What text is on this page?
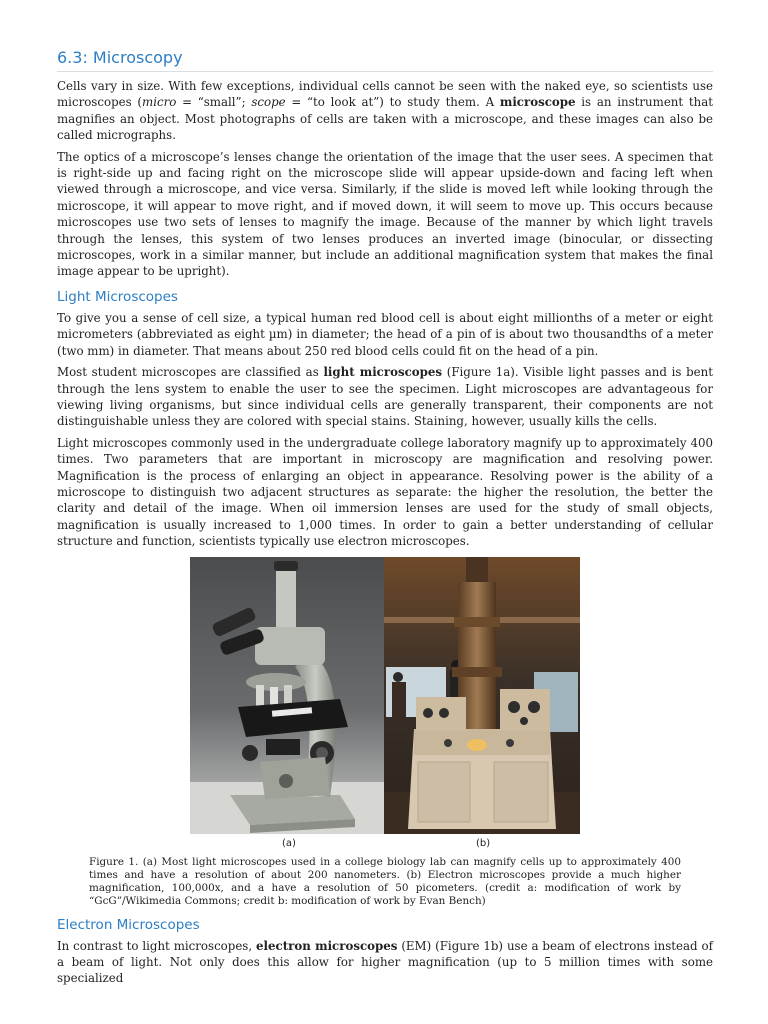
6.3: Microscopy

Cells vary in size. With few exceptions, individual cells cannot be seen with the naked eye, so scientists use microscopes (micro = “small”; scope = “to look at”) to study them. A microscope is an instrument that magnifies an object. Most photographs of cells are taken with a microscope, and these images can also be called micrographs.

The optics of a microscope’s lenses change the orientation of the image that the user sees. A specimen that is right-side up and facing right on the microscope slide will appear upside-down and facing left when viewed through a microscope, and vice versa. Similarly, if the slide is moved left while looking through the microscope, it will appear to move right, and if moved down, it will seem to move up. This occurs because microscopes use two sets of lenses to magnify the image. Because of the manner by which light travels through the lenses, this system of two lenses produces an inverted image (binocular, or dissecting microscopes, work in a similar manner, but include an additional magnification system that makes the final image appear to be upright).

Light Microscopes

To give you a sense of cell size, a typical human red blood cell is about eight millionths of a meter or eight micrometers (abbreviated as eight µm) in diameter; the head of a pin of is about two thousandths of a meter (two mm) in diameter. That means about 250 red blood cells could fit on the head of a pin.

Most student microscopes are classified as light microscopes (Figure 1a). Visible light passes and is bent through the lens system to enable the user to see the specimen. Light microscopes are advantageous for viewing living organisms, but since individual cells are generally transparent, their components are not distinguishable unless they are colored with special stains. Staining, however, usually kills the cells.

Light microscopes commonly used in the undergraduate college laboratory magnify up to approximately 400 times. Two parameters that are important in microscopy are magnification and resolving power. Magnification is the process of enlarging an object in appearance. Resolving power is the ability of a microscope to distinguish two adjacent structures as separate: the higher the resolution, the better the clarity and detail of the image. When oil immersion lenses are used for the study of small objects, magnification is usually increased to 1,000 times. In order to gain a better understanding of cellular structure and function, scientists typically use electron microscopes.

(a)	(b)

Figure 1. (a) Most light microscopes used in a college biology lab can magnify cells up to approximately 400 times and have a resolution of about 200 nanometers. (b) Electron microscopes provide a much higher magnification, 100,000x, and a have a resolution of 50 picometers. (credit a: modification of work by “GcG”/Wikimedia Commons; credit b: modification of work by Evan Bench)

Electron Microscopes

In contrast to light microscopes, electron microscopes (EM) (Figure 1b) use a beam of electrons instead of a beam of light. Not only does this allow for higher magnification (up to 5 million times with some specialized
